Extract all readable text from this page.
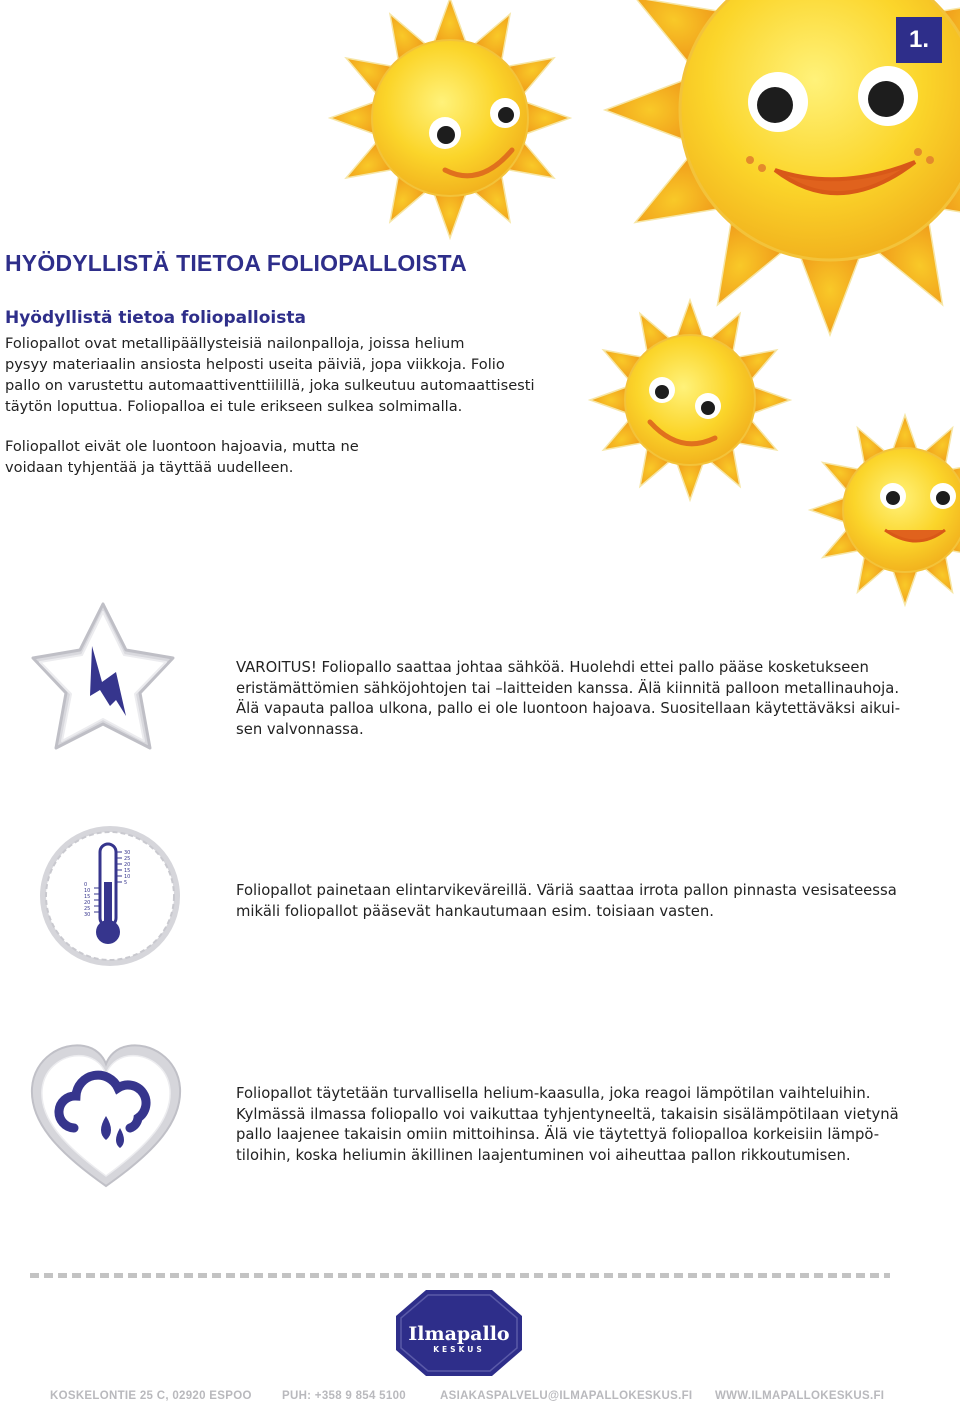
1.
HYÖDYLLISTÄ TIETOA FOLIOPALLOISTA
Hyödyllistä tietoa foliopalloista

Foliopallot ovat metallipäällysteisiä nailonpalloja, joissa helium
pysyy materiaalin ansiosta helposti useita päiviä, jopa viikkoja. Folio
pallo on varustettu automaattiventtiilillä, joka sulkeutuu automaattisesti
täytön loputtua. Foliopalloa ei tule erikseen sulkea solmimalla.

Foliopallot eivät ole luontoon hajoavia, mutta ne
voidaan tyhjentää ja täyttää uudelleen.

VAROITUS! Foliopallo saattaa johtaa sähköä. Huolehdi ettei pallo pääse kosketukseen

eristämättömien sähköjohtojen tai –laitteiden kanssa. Älä kiinnitä palloon metallinauhoja.

Älä vapauta palloa ulkona, pallo ei ole luontoon hajoava. Suositellaan käytettäväksi aikui-

sen valvonnassa.

30
25
20
15
10
5
0
10
15
20
25
30

Foliopallot painetaan elintarvikeväreillä. Väriä saattaa irrota pallon pinnasta vesisateessa

mikäli foliopallot pääsevät hankautumaan esim. toisiaan vasten.

Foliopallot täytetään turvallisella helium-kaasulla, joka reagoi lämpötilan vaihteluihin.

Kylmässä ilmassa foliopallo voi vaikuttaa tyhjentyneeltä, takaisin sisälämpötilaan vietynä

pallo laajenee takaisin omiin mittoihinsa. Älä vie täytettyä foliopalloa korkeisiin lämpö-

tiloihin, koska heliumin äkillinen laajentuminen voi aiheuttaa pallon rikkoutumisen.

Ilmapallo
KESKUS
KOSKELONTIE 25 C, 02920 ESPOO	PUH: +358 9 854 5100	ASIAKASPALVELU@ILMAPALLOKESKUS.FI WWW.ILMAPALLOKESKUS.FI
